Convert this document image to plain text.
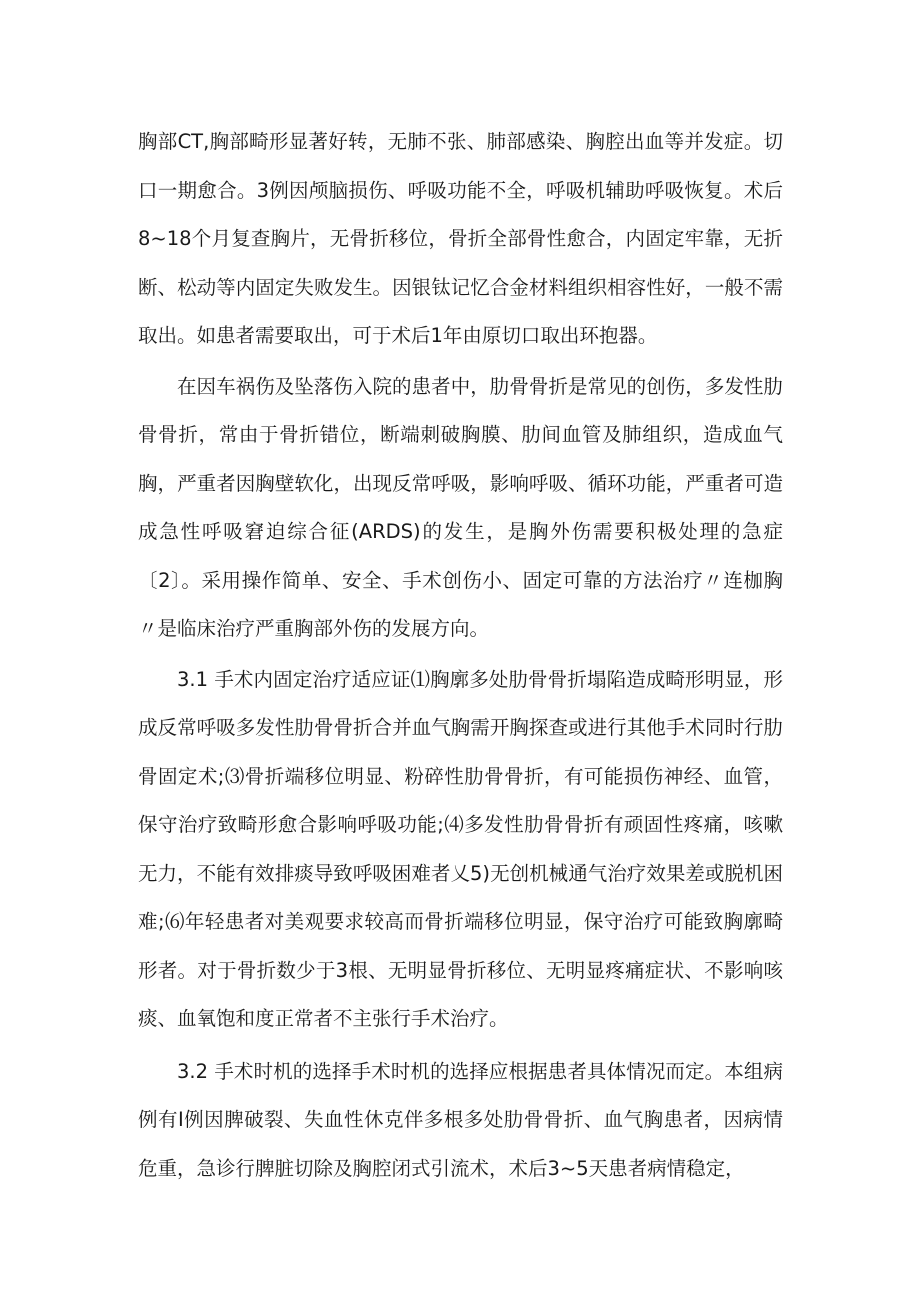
胸部CT,胸部畸形显著好转，无肺不张、肺部感染、胸腔出血等并发症。切口一期愈合。3例因颅脑损伤、呼吸功能不全，呼吸机辅助呼吸恢复。术后8~18个月复查胸片，无骨折移位，骨折全部骨性愈合，内固定牢靠，无折断、松动等内固定失败发生。因银钛记忆合金材料组织相容性好，一般不需取出。如患者需要取出，可于术后1年由原切口取出环抱器。

在因车祸伤及坠落伤入院的患者中，肋骨骨折是常见的创伤，多发性肋骨骨折，常由于骨折错位，断端刺破胸膜、肋间血管及肺组织，造成血气胸，严重者因胸壁软化，出现反常呼吸，影响呼吸、循环功能，严重者可造成急性呼吸窘迫综合征(ARDS)的发生，是胸外伤需要积极处理的急症〔2〕。采用操作简单、安全、手术创伤小、固定可靠的方法治疗〃连枷胸〃是临床治疗严重胸部外伤的发展方向。

3.1 手术内固定治疗适应证⑴胸廓多处肋骨骨折塌陷造成畸形明显，形成反常呼吸多发性肋骨骨折合并血气胸需开胸探查或进行其他手术同时行肋骨固定术;⑶骨折端移位明显、粉碎性肋骨骨折，有可能损伤神经、血管，保守治疗致畸形愈合影响呼吸功能;⑷多发性肋骨骨折有顽固性疼痛，咳嗽无力，不能有效排痰导致呼吸困难者乂5)无创机械通气治疗效果差或脱机困难;⑹年轻患者对美观要求较高而骨折端移位明显，保守治疗可能致胸廓畸形者。对于骨折数少于3根、无明显骨折移位、无明显疼痛症状、不影响咳痰、血氧饱和度正常者不主张行手术治疗。

3.2 手术时机的选择手术时机的选择应根据患者具体情况而定。本组病例有I例因脾破裂、失血性休克伴多根多处肋骨骨折、血气胸患者，因病情危重，急诊行脾脏切除及胸腔闭式引流术，术后3~5天患者病情稳定，
